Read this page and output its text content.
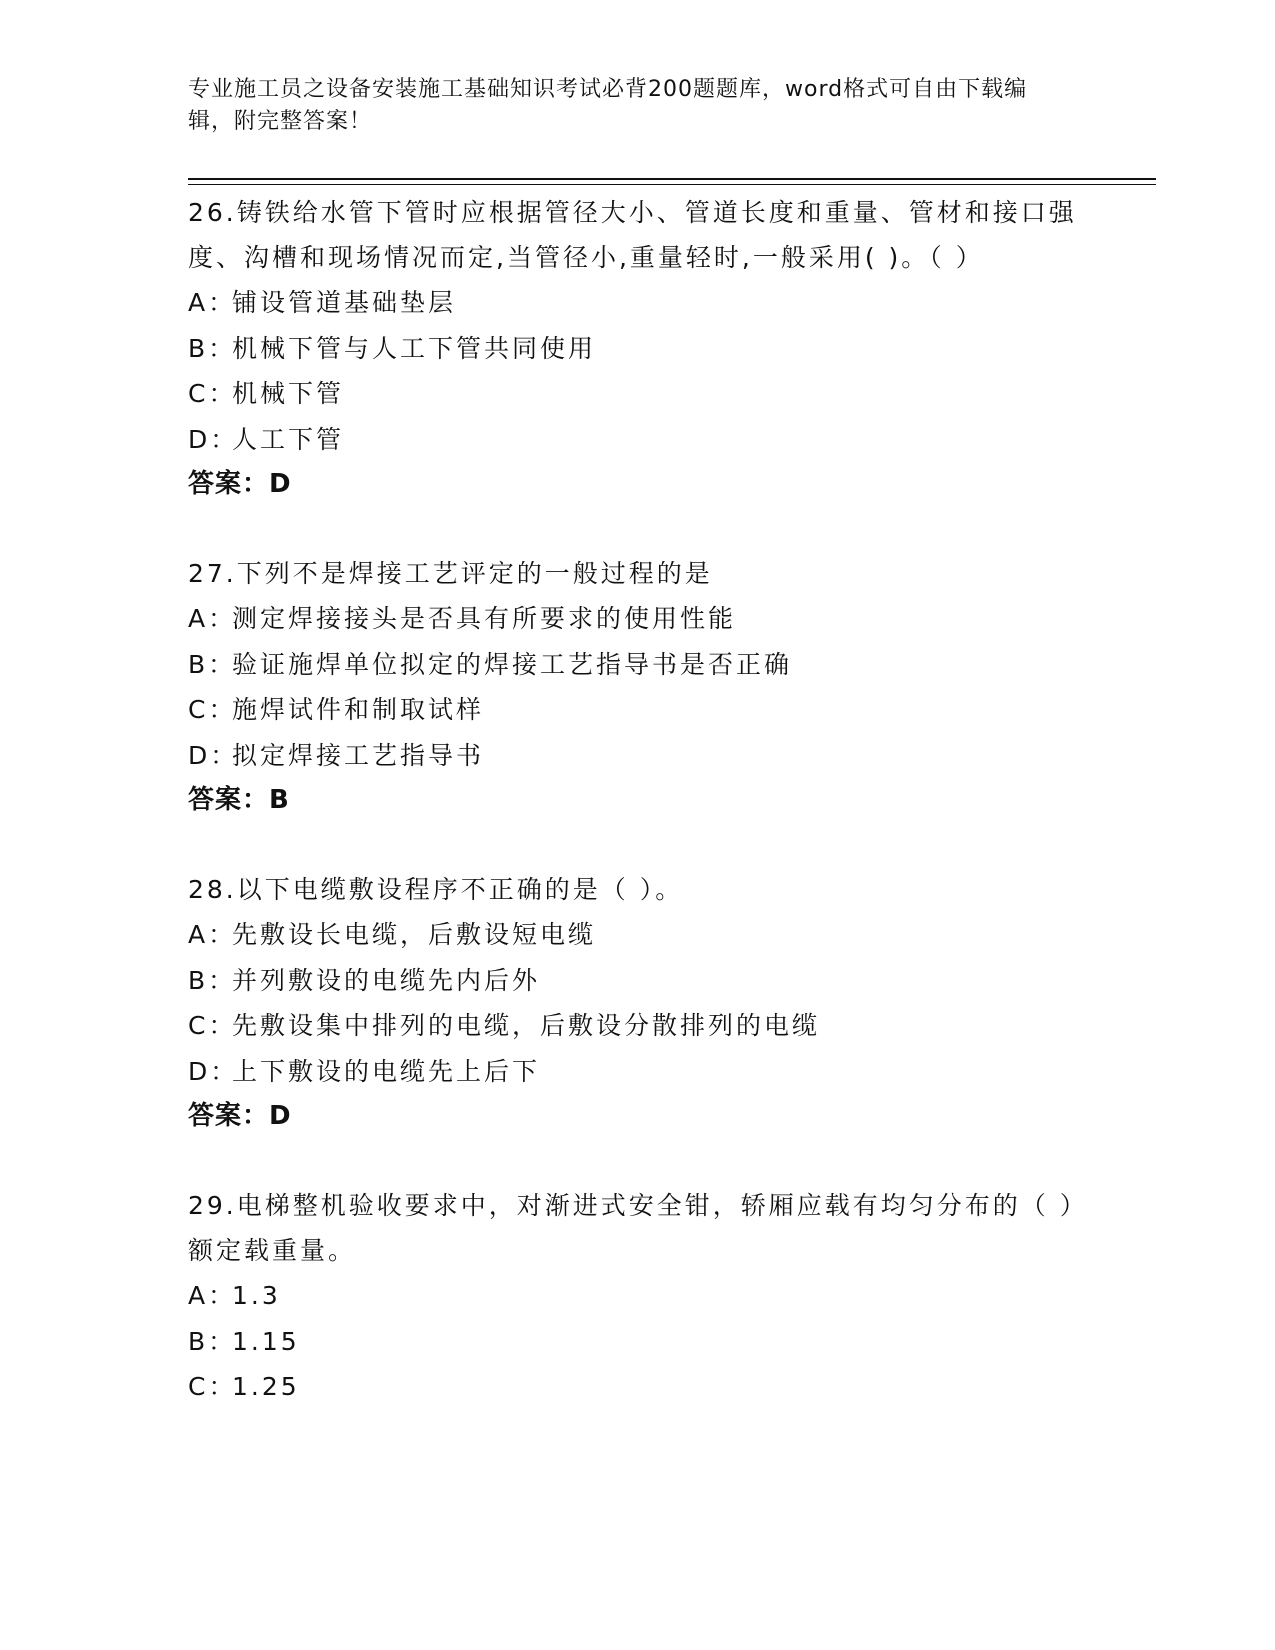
专业施工员之设备安装施工基础知识考试必背200题题库，word格式可自由下载编辑，附完整答案！

26.铸铁给水管下管时应根据管径大小、管道长度和重量、管材和接口强度、沟槽和现场情况而定,当管径小,重量轻时,一般采用( )。（ ）

A：铺设管道基础垫层

B：机械下管与人工下管共同使用

C：机械下管

D：人工下管

答案：D

27.下列不是焊接工艺评定的一般过程的是

A：测定焊接接头是否具有所要求的使用性能

B：验证施焊单位拟定的焊接工艺指导书是否正确

C：施焊试件和制取试样

D：拟定焊接工艺指导书

答案：B

28.以下电缆敷设程序不正确的是（ ）。

A：先敷设长电缆，后敷设短电缆

B：并列敷设的电缆先内后外

C：先敷设集中排列的电缆，后敷设分散排列的电缆

D：上下敷设的电缆先上后下

答案：D

29.电梯整机验收要求中，对渐进式安全钳，轿厢应载有均匀分布的（ ）额定载重量。

A：1.3

B：1.15

C：1.25
